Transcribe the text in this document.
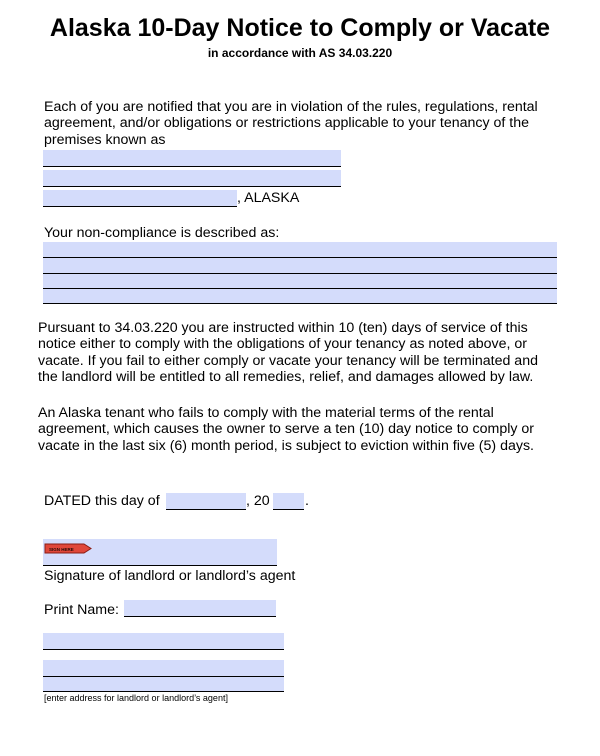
Alaska 10-Day Notice to Comply or Vacate
in accordance with AS 34.03.220
Each of you are notified that you are in violation of the rules, regulations, rental
agreement, and/or obligations or restrictions applicable to your tenancy of the
premises known as
, ALASKA
Your non-compliance is described as:
Pursuant to 34.03.220 you are instructed within 10 (ten) days of service of this
notice either to comply with the obligations of your tenancy as noted above, or
vacate. If you fail to either comply or vacate your tenancy will be terminated and
the landlord will be entitled to all remedies, relief, and damages allowed by law.
An Alaska tenant who fails to comply with the material terms of the rental
agreement, which causes the owner to serve a ten (10) day notice to comply or
vacate in the last six (6) month period, is subject to eviction within five (5) days.
DATED this day of	, 20 .
SIGN HERE
Signature of landlord or landlord’s agent
Print Name:
[enter address for landlord or landlord’s agent]
